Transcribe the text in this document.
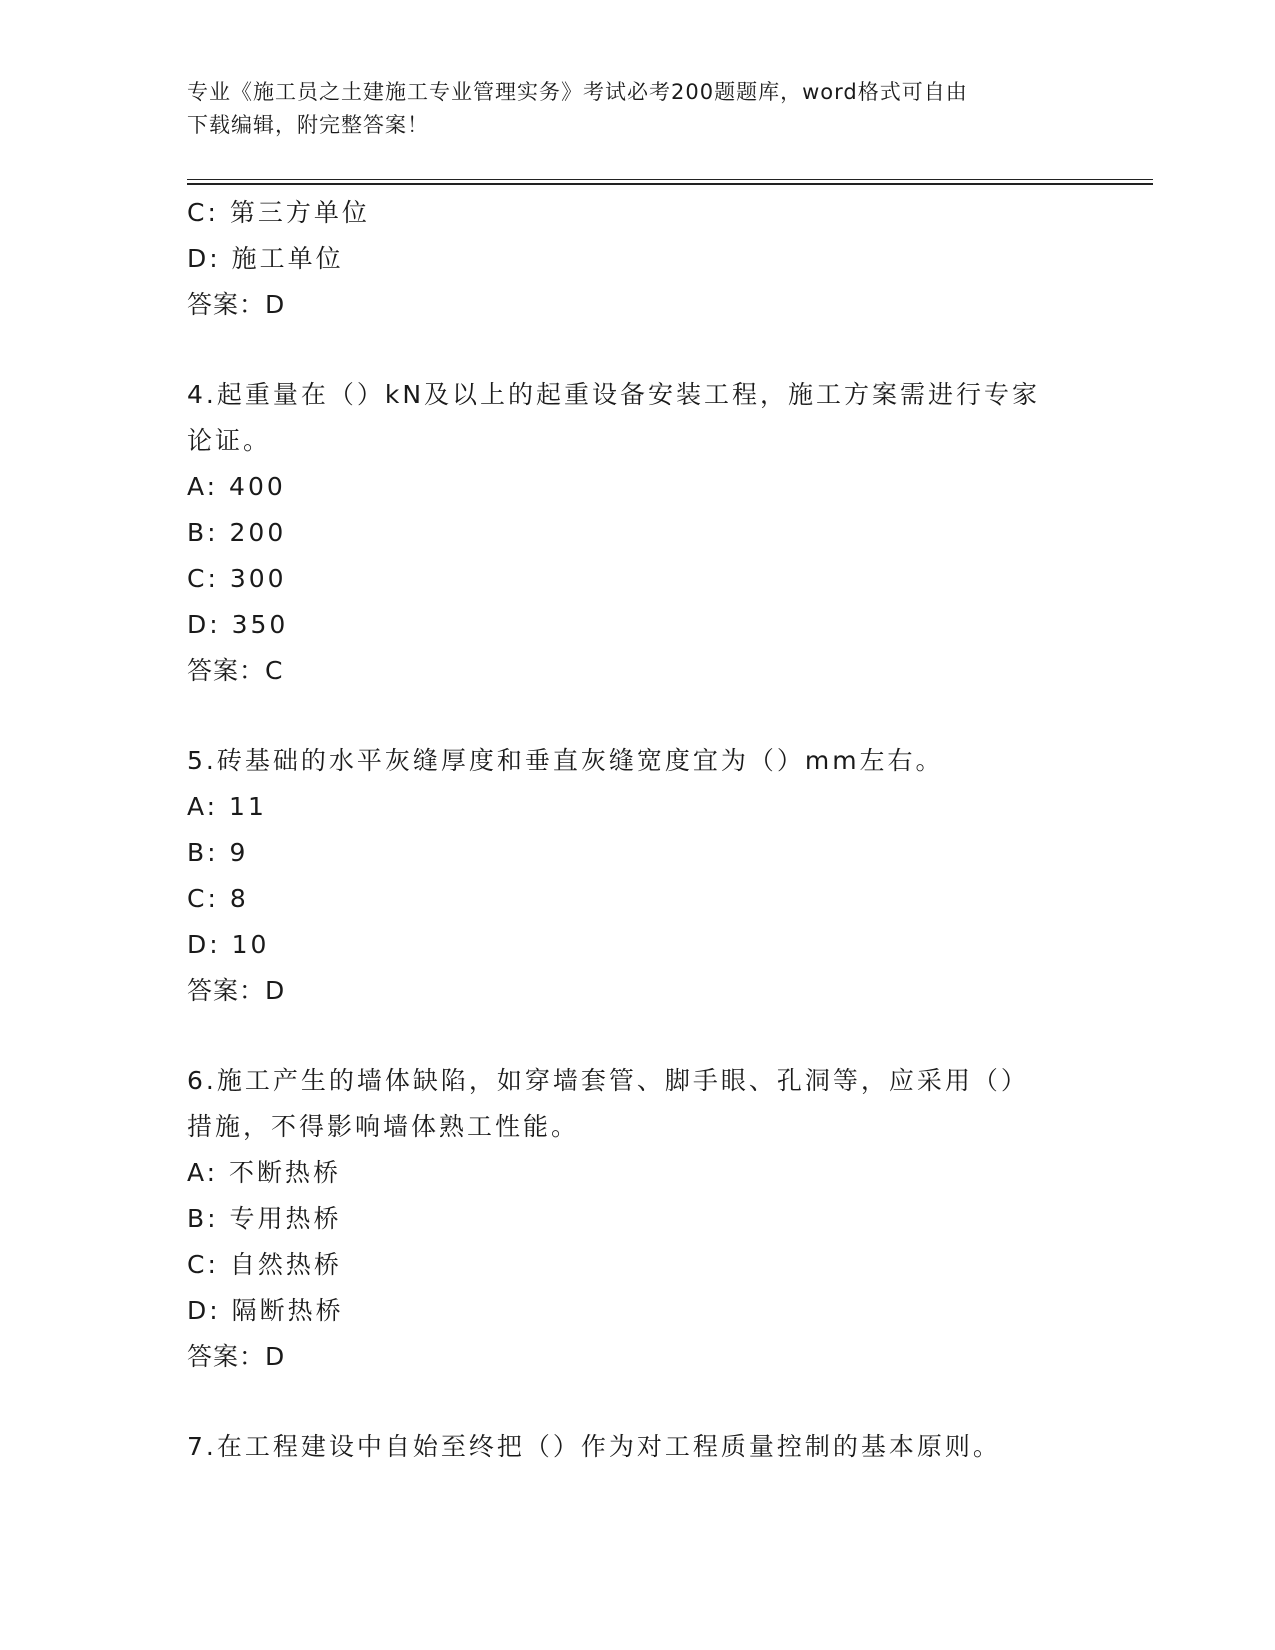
专业《施工员之土建施工专业管理实务》考试必考200题题库，word格式可自由
下载编辑，附完整答案！
C: 第三方单位
D: 施工单位
答案：D
4.起重量在（）kN及以上的起重设备安装工程，施工方案需进行专家
论证。
A: 400
B: 200
C: 300
D: 350
答案：C
5.砖基础的水平灰缝厚度和垂直灰缝宽度宜为（）mm左右。
A: 11
B: 9
C: 8
D: 10
答案：D
6.施工产生的墙体缺陷，如穿墙套管、脚手眼、孔洞等，应采用（）
措施，不得影响墙体熟工性能。
A: 不断热桥
B: 专用热桥
C: 自然热桥
D: 隔断热桥
答案：D
7.在工程建设中自始至终把（）作为对工程质量控制的基本原则。
